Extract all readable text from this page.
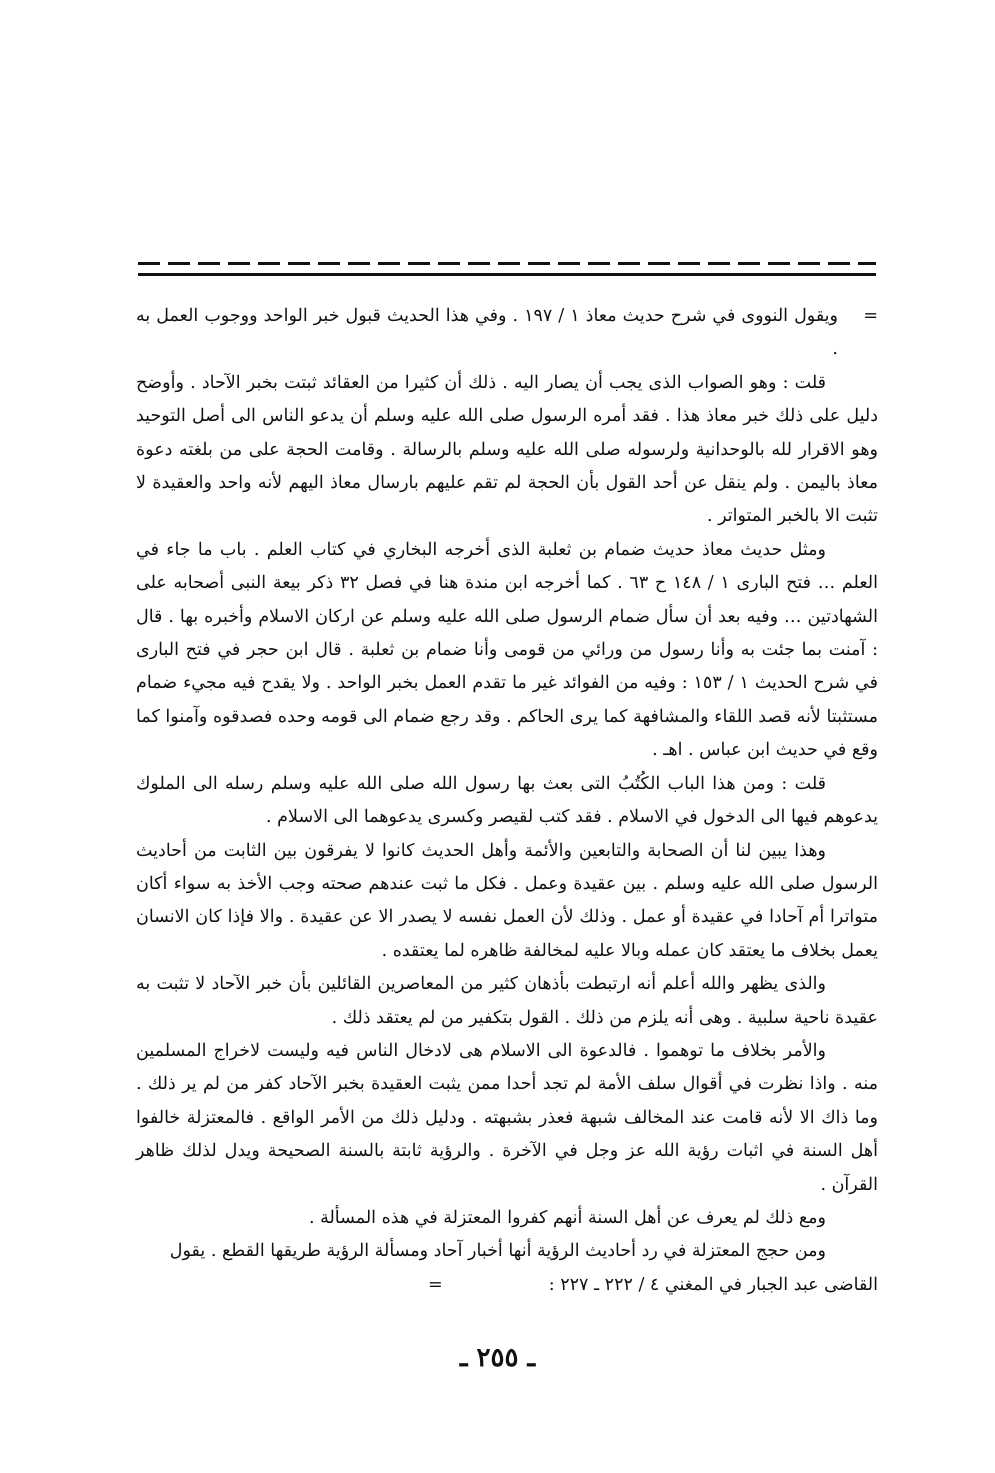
=
ويقول النووى في شرح حديث معاذ ١ / ١٩٧ . وفي هذا الحديث قبول خبر الواحد ووجوب العمل به .

قلت : وهو الصواب الذى يجب أن يصار اليه . ذلك أن كثيرا من العقائد ثبتت بخبر الآحاد . وأوضح دليل على ذلك خبر معاذ هذا . فقد أمره الرسول صلى الله عليه وسلم أن يدعو الناس الى أصل التوحيد وهو الاقرار لله بالوحدانية ولرسوله صلى الله عليه وسلم بالرسالة . وقامت الحجة على من بلغته دعوة معاذ باليمن . ولم ينقل عن أحد القول بأن الحجة لم تقم عليهم بارسال معاذ اليهم لأنه واحد والعقيدة لا تثبت الا بالخبر المتواتر .

ومثل حديث معاذ حديث ضمام بن ثعلبة الذى أخرجه البخاري في كتاب العلم . باب ما جاء في العلم … فتح البارى ١ / ١٤٨ ح ٦٣ . كما أخرجه ابن مندة هنا في فصل ٣٢ ذكر بيعة النبى أصحابه على الشهادتين … وفيه بعد أن سأل ضمام الرسول صلى الله عليه وسلم عن اركان الاسلام وأخبره بها . قال : آمنت بما جئت به وأنا رسول من ورائي من قومى وأنا ضمام بن ثعلبة . قال ابن حجر في فتح البارى في شرح الحديث ١ / ١٥٣ : وفيه من الفوائد غير ما تقدم العمل بخبر الواحد . ولا يقدح فيه مجيء ضمام مستثبتا لأنه قصد اللقاء والمشافهة كما يرى الحاكم . وقد رجع ضمام الى قومه وحده فصدقوه وآمنوا كما وقع في حديث ابن عباس . اهـ .

قلت : ومن هذا الباب الكُتُبُ التى بعث بها رسول الله صلى الله عليه وسلم رسله الى الملوك يدعوهم فيها الى الدخول في الاسلام . فقد كتب لقيصر وكسرى يدعوهما الى الاسلام .

وهذا يبين لنا أن الصحابة والتابعين والأئمة وأهل الحديث كانوا لا يفرقون بين الثابت من أحاديث الرسول صلى الله عليه وسلم . بين عقيدة وعمل . فكل ما ثبت عندهم صحته وجب الأخذ به سواء أكان متواترا أم آحادا في عقيدة أو عمل . وذلك لأن العمل نفسه لا يصدر الا عن عقيدة . والا فإذا كان الانسان يعمل بخلاف ما يعتقد كان عمله وبالا عليه لمخالفة ظاهره لما يعتقده .

والذى يظهر والله أعلم أنه ارتبطت بأذهان كثير من المعاصرين القائلين بأن خبر الآحاد لا تثبت به عقيدة ناحية سلبية . وهى أنه يلزم من ذلك . القول بتكفير من لم يعتقد ذلك .

والأمر بخلاف ما توهموا . فالدعوة الى الاسلام هى لادخال الناس فيه وليست لاخراج المسلمين منه . واذا نظرت في أقوال سلف الأمة لم تجد أحدا ممن يثبت العقيدة بخبر الآحاد كفر من لم ير ذلك . وما ذاك الا لأنه قامت عند المخالف شبهة فعذر بشبهته . ودليل ذلك من الأمر الواقع . فالمعتزلة خالفوا أهل السنة في اثبات رؤية الله عز وجل في الآخرة . والرؤية ثابتة بالسنة الصحيحة ويدل لذلك ظاهر القرآن .

ومع ذلك لم يعرف عن أهل السنة أنهم كفروا المعتزلة في هذه المسألة .

ومن حجج المعتزلة في رد أحاديث الرؤية أنها أخبار آحاد ومسألة الرؤية طريقها القطع . يقول

القاضى عبد الجبار في المغني ٤ / ٢٢٢ ـ ٢٢٧ :
=

ـ ٢٥٥ ـ
